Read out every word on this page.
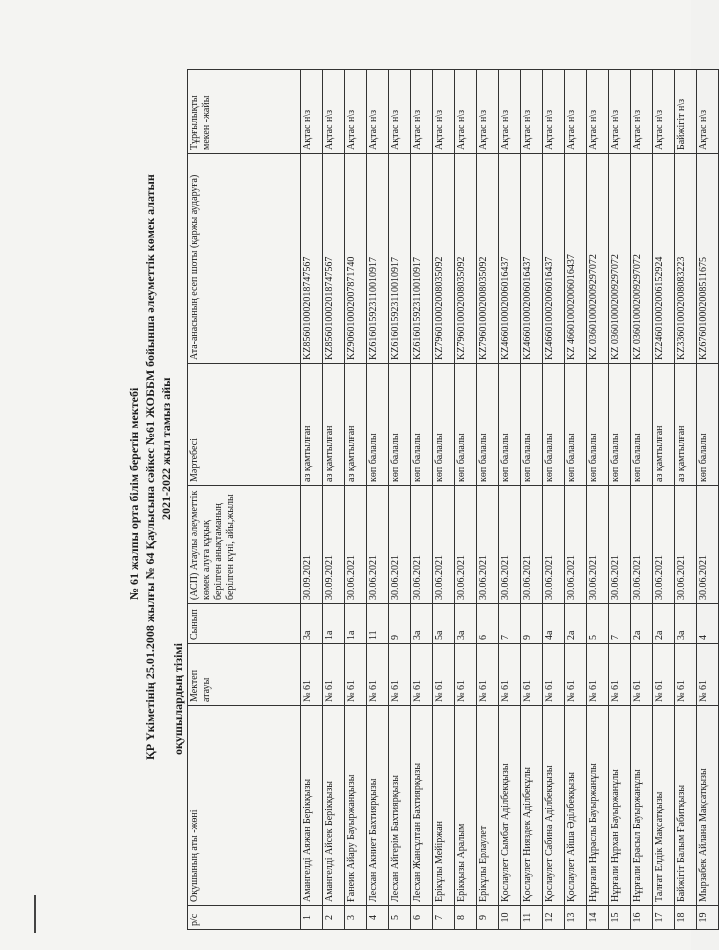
№ 61 жалпы орта білім беретін мектебі ҚР Үкіметінің 25.01.2008 жылғы № 64 Қаулысына сәйкес №61 ЖОББМ бойынша әлеуметтік көмек алатын 2021-2022 жыл тамыз айы
оқушылардың тізімі
р/с	Оқушының аты -жөні	Мектеп атауы	Сынып	(АСП) Атаулы әлеуметтік көмек алуға құқық берілген анықтаманың берілген күні, айы,жылы	Мәртебесі	Ата-анасының есеп шоты (қаржы аударуға)	Тұрғылықты мекен -жайы
1	Амангелді Аяжан Берікқызы	№ 61	3а	30.09.2021	аз қамтылған	KZ856010002018747567	Ақтас н\з
2	Амангелді Айсек Берікқызы	№ 61	1а	30.09.2021	аз қамтылған	KZ856010002018747567	Ақтас н\з
3	Ғанеик Айару Бауыржанқызы	№ 61	1а	30.06.2021	аз қамтылған	KZ906010002007871740	Ақтас н\з
4	Лесхан Акниет Бахтиярқызы	№ 61	11	30.06.2021	көп балалы	KZ616015923110010917	Ақтас н\з
5	Лесхан Айгерім Бахтиярқызы	№ 61	9	30.06.2021	көп балалы	KZ616015923110010917	Ақтас н\з
6	Лесхан Жансұлтан Бахтиярқызы	№ 61	3а	30.06.2021	көп балалы	KZ616015923110010917	Ақтас н\з
7	Ерікұлы Мейіржан	№ 61	5а	30.06.2021	көп балалы	KZ796010002008035092	Ақтас н\з
8	Ерікқызы Аралым	№ 61	3а	30.06.2021	көп балалы	KZ796010002008035092	Ақтас н\з
9	Ерікұлы Ерлаулет	№ 61	6	30.06.2021	көп балалы	KZ796010002008035092	Ақтас н\з
10	Қослаулет Сымбат Аділбекқызы	№ 61	7	30.06.2021	көп балалы	KZ466010002006016437	Ақтас н\з
11	Қослаулет Нияздек Аділбекұлы	№ 61	9	30.06.2021	көп балалы	KZ466010002006016437	Ақтас н\з
12	Қослаулет Сабина Аділбекқызы	№ 61	4а	30.06.2021	көп балалы	KZ466010002006016437	Ақтас н\з
13	Қослаулет Айша Әділбекқызы	№ 61	2а	30.06.2021	көп балалы	KZ 466010002006016437	Ақтас н\з
14	Нұрғали Нұраслы Бауыржанұлы	№ 61	5	30.06.2021	көп балалы	KZ 036010002009297072	Ақтас н\з
15	Нұрғали Нұрхан Бауыржанұлы	№ 61	7	30.06.2021	көп балалы	KZ 036010002009297072	Ақтас н\з
16	Нұрғали Ерасыл Бауыржанұлы	№ 61	2а	30.06.2021	көп балалы	KZ 036010002009297072	Ақтас н\з
17	Талғат Елдік Мақсатқызы	№ 61	2а	30.06.2021	аз қамтылған	KZ246010002006152924	Ақтас н\з
18	Байжігіт Балым Ғабитқызы	№ 61	3а	30.06.2021	аз қамтылған	KZ336010002008083223	Байжігіт н\з
19	Мырзабек Айлана Мақсатқызы	№ 61	4	30.06.2021	көп балалы	KZ676010002008511675	Ақтас н\з
